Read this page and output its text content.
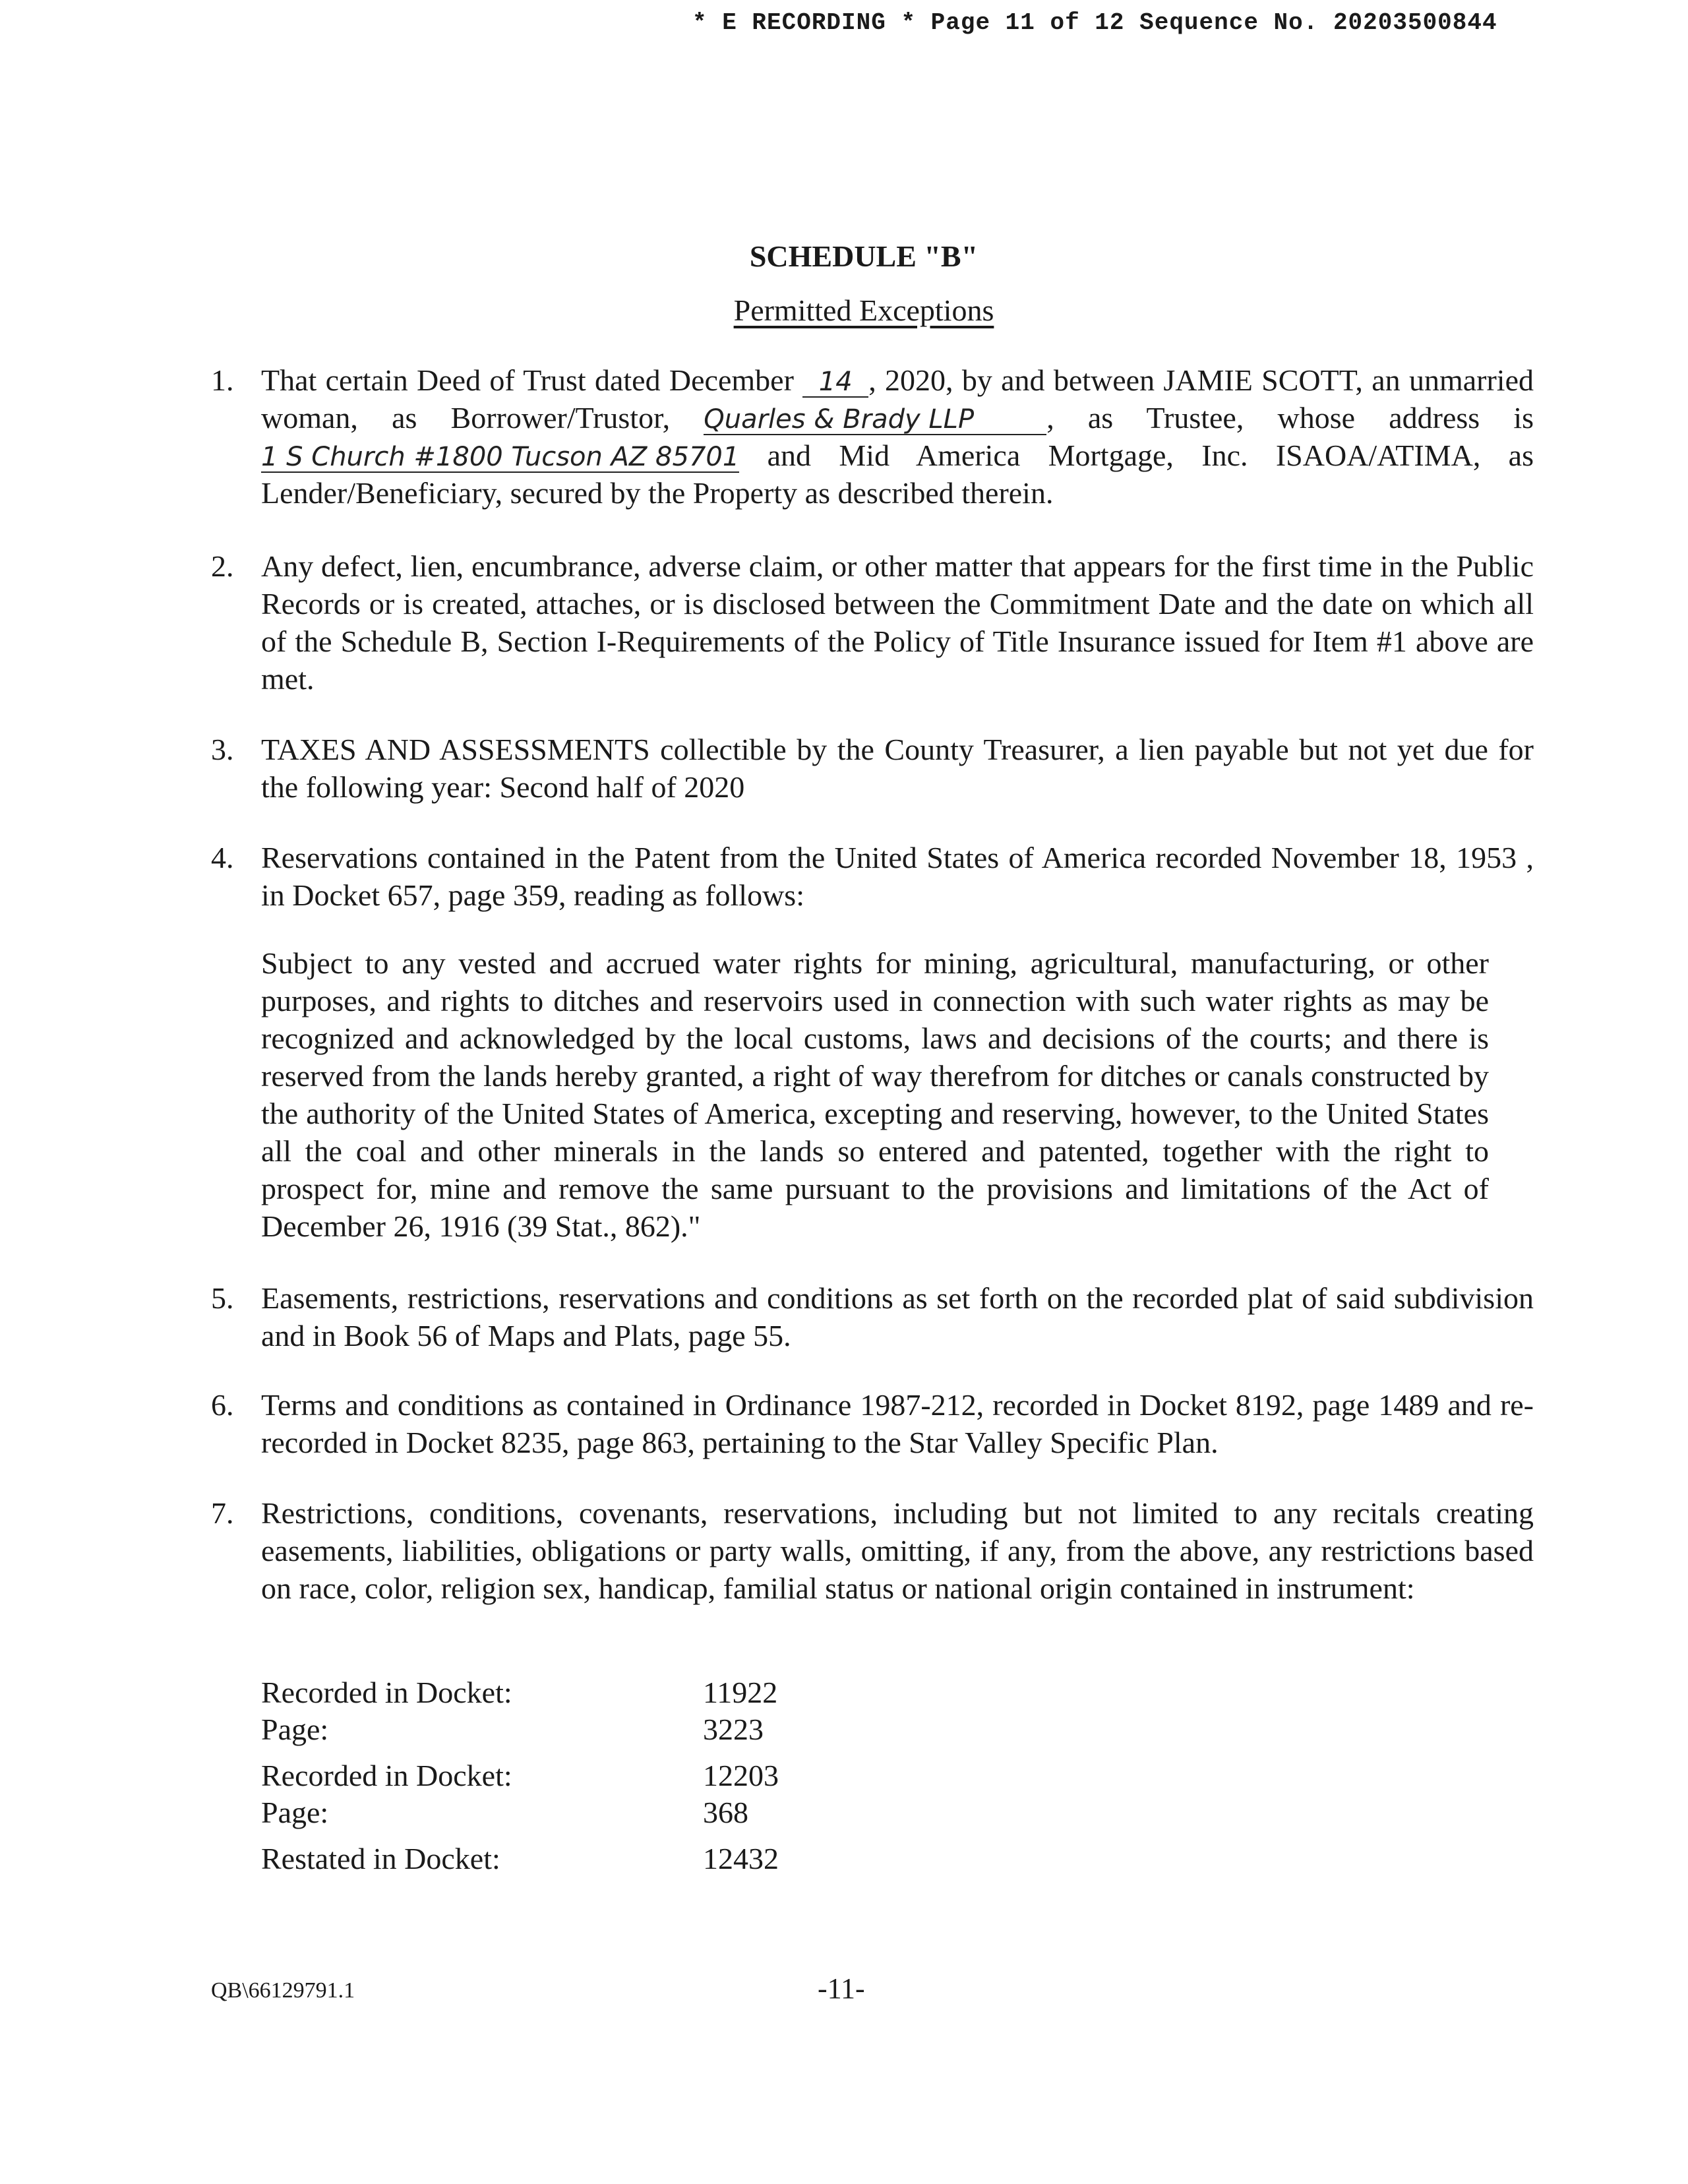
* E RECORDING * Page 11 of 12 Sequence No. 20203500844
SCHEDULE "B"
Permitted Exceptions
1. That certain Deed of Trust dated December 14 , 2020, by and between JAMIE SCOTT, an unmarried woman, as Borrower/Trustor, Quarles & Brady LLP , as Trustee, whose address is 1 S Church #1800 Tucson AZ 85701 and Mid America Mortgage, Inc. ISAOA/ATIMA, as Lender/Beneficiary, secured by the Property as described therein.
2. Any defect, lien, encumbrance, adverse claim, or other matter that appears for the first time in the Public Records or is created, attaches, or is disclosed between the Commitment Date and the date on which all of the Schedule B, Section I-Requirements of the Policy of Title Insurance issued for Item #1 above are met.
3. TAXES AND ASSESSMENTS collectible by the County Treasurer, a lien payable but not yet due for the following year: Second half of 2020
4. Reservations contained in the Patent from the United States of America recorded November 18, 1953 , in Docket 657, page 359, reading as follows:
Subject to any vested and accrued water rights for mining, agricultural, manufacturing, or other purposes, and rights to ditches and reservoirs used in connection with such water rights as may be recognized and acknowledged by the local customs, laws and decisions of the courts; and there is reserved from the lands hereby granted, a right of way therefrom for ditches or canals constructed by the authority of the United States of America, excepting and reserving, however, to the United States all the coal and other minerals in the lands so entered and patented, together with the right to prospect for, mine and remove the same pursuant to the provisions and limitations of the Act of December 26, 1916 (39 Stat., 862)."
5. Easements, restrictions, reservations and conditions as set forth on the recorded plat of said subdivision and in Book 56 of Maps and Plats, page 55.
6. Terms and conditions as contained in Ordinance 1987-212, recorded in Docket 8192, page 1489 and re-recorded in Docket 8235, page 863, pertaining to the Star Valley Specific Plan.
7. Restrictions, conditions, covenants, reservations, including but not limited to any recitals creating easements, liabilities, obligations or party walls, omitting, if any, from the above, any restrictions based on race, color, religion sex, handicap, familial status or national origin contained in instrument:
Recorded in Docket:	11922
Page:	3223
Recorded in Docket:	12203
Page:	368
Restated in Docket:	12432
QB\66129791.1	-11-
